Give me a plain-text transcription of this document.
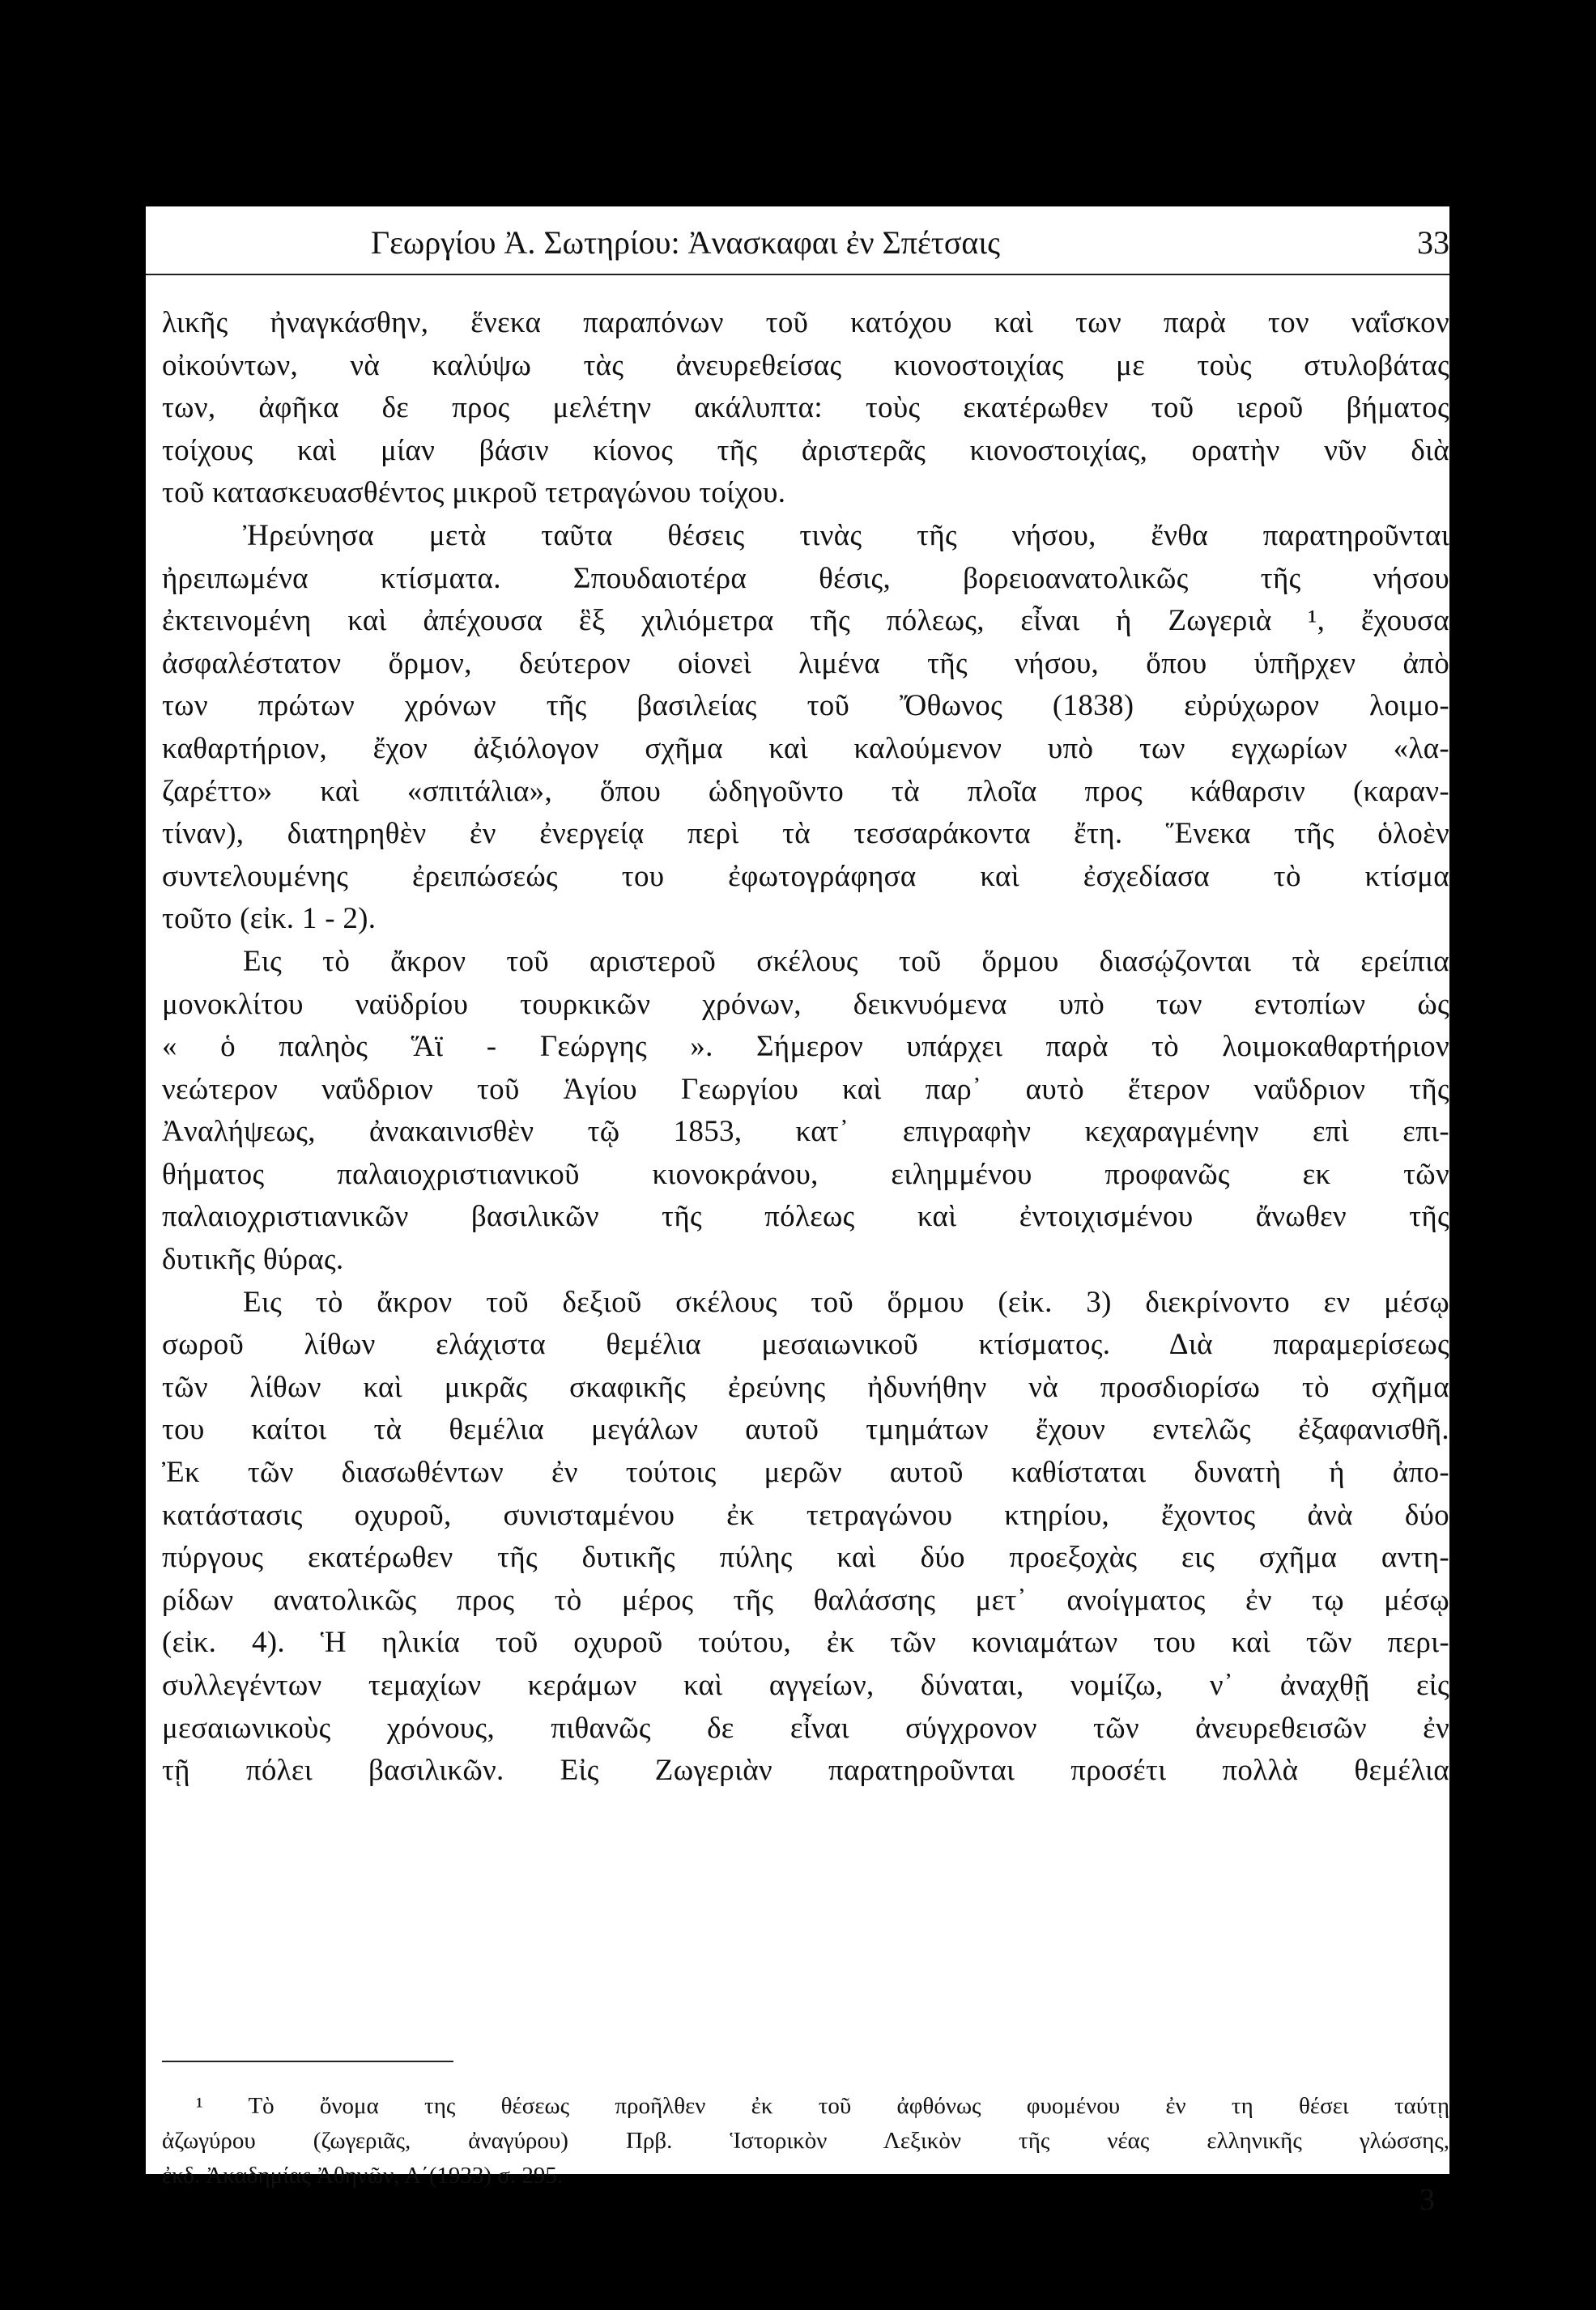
Γεωργίου Ἀ. Σωτηρίου: Ἀνασκαφαι ἐν Σπέτσαις	33
λικῆς ἠναγκάσθην, ἕνεκα παραπόνων τοῦ κατόχου καὶ των παρὰ τον ναΐσκον
οἰκούντων, νὰ καλύψω τὰς ἀνευρεθείσας κιονοστοιχίας με τοὺς στυλοβάτας
των, ἀφῆκα δε προς μελέτην ακάλυπτα: τοὺς εκατέρωθεν τοῦ ιεροῦ βήματος
τοίχους καὶ μίαν βάσιν κίονος τῆς ἀριστερᾶς κιονοστοιχίας, ορατὴν νῦν διὰ
τοῦ κατασκευασθέντος μικροῦ τετραγώνου τοίχου.
Ἠρεύνησα μετὰ ταῦτα θέσεις τινὰς τῆς νήσου, ἔνθα παρατηροῦνται
ἠρειπωμένα κτίσματα. Σπουδαιοτέρα θέσις, βορειοανατολικῶς τῆς νήσου
ἐκτεινομένη καὶ ἀπέχουσα ἓξ χιλιόμετρα τῆς πόλεως, εἶναι ἡ Ζωγεριὰ ¹, ἔχουσα
ἀσφαλέστατον ὅρμον, δεύτερον οἱονεὶ λιμένα τῆς νήσου, ὅπου ὑπῆρχεν ἀπὸ
των πρώτων χρόνων τῆς βασιλείας τοῦ Ὄθωνος (1838) εὐρύχωρον λοιμο-
καθαρτήριον, ἔχον ἀξιόλογον σχῆμα καὶ καλούμενον υπὸ των εγχωρίων «λα-
ζαρέττο» καὶ «σπιτάλια», ὅπου ὡδηγοῦντο τὰ πλοῖα προς κάθαρσιν (καραν-
τίναν), διατηρηθὲν ἐν ἐνεργείᾳ περὶ τὰ τεσσαράκοντα ἔτη. Ἕνεκα τῆς ὁλοὲν
συντελουμένης ἐρειπώσεώς του ἐφωτογράφησα καὶ ἐσχεδίασα τὸ κτίσμα
τοῦτο (εἰκ. 1 - 2).
Εις τὸ ἄκρον τοῦ αριστεροῦ σκέλους τοῦ ὅρμου διασῴζονται τὰ ερείπια
μονοκλίτου ναϋδρίου τουρκικῶν χρόνων, δεικνυόμενα υπὸ των εντοπίων ὡς
« ὁ παληὸς Ἅϊ - Γεώργης ». Σήμερον υπάρχει παρὰ τὸ λοιμοκαθαρτήριον
νεώτερον ναΰδριον τοῦ Ἁγίου Γεωργίου καὶ παρ᾽ αυτὸ ἕτερον ναΰδριον τῆς
Ἀναλήψεως, ἀνακαινισθὲν τῷ 1853, κατ᾽ επιγραφὴν κεχαραγμένην επὶ επι-
θήματος παλαιοχριστιανικοῦ κιονοκράνου, ειλημμένου προφανῶς εκ τῶν
παλαιοχριστιανικῶν βασιλικῶν τῆς πόλεως καὶ ἐντοιχισμένου ἄνωθεν τῆς
δυτικῆς θύρας.
Εις τὸ ἄκρον τοῦ δεξιοῦ σκέλους τοῦ ὅρμου (εἰκ. 3) διεκρίνοντο εν μέσῳ
σωροῦ λίθων ελάχιστα θεμέλια μεσαιωνικοῦ κτίσματος. Διὰ παραμερίσεως
τῶν λίθων καὶ μικρᾶς σκαφικῆς ἐρεύνης ἠδυνήθην νὰ προσδιορίσω τὸ σχῆμα
του καίτοι τὰ θεμέλια μεγάλων αυτοῦ τμημάτων ἔχουν εντελῶς ἐξαφανισθῆ.
Ἐκ τῶν διασωθέντων ἐν τούτοις μερῶν αυτοῦ καθίσταται δυνατὴ ἡ ἀπο-
κατάστασις οχυροῦ, συνισταμένου ἐκ τετραγώνου κτηρίου, ἔχοντος ἀνὰ δύο
πύργους εκατέρωθεν τῆς δυτικῆς πύλης καὶ δύο προεξοχὰς εις σχῆμα αντη-
ρίδων ανατολικῶς προς τὸ μέρος τῆς θαλάσσης μετ᾽ ανοίγματος ἐν τῳ μέσῳ
(εἰκ. 4). Ἡ ηλικία τοῦ οχυροῦ τούτου, ἐκ τῶν κονιαμάτων του καὶ τῶν περι-
συλλεγέντων τεμαχίων κεράμων καὶ αγγείων, δύναται, νομίζω, ν᾽ ἀναχθῇ εἰς
μεσαιωνικοὺς χρόνους, πιθανῶς δε εἶναι σύγχρονον τῶν ἀνευρεθεισῶν ἐν
τῇ πόλει βασιλικῶν. Εἰς Ζωγεριὰν παρατηροῦνται προσέτι πολλὰ θεμέλια
¹ Τὸ ὄνομα της θέσεως προῆλθεν ἐκ τοῦ ἀφθόνως φυομένου ἐν τη θέσει ταύτῃ
ἀζωγύρου (ζωγεριᾶς, ἀναγύρου) Πρβ. Ἱστορικὸν Λεξικὸν τῆς νέας ελληνικῆς γλώσσης,
ἐκδ. Ἀκαδημίας Ἀθηνῶν, Α΄(1933) σ. 295.
3
